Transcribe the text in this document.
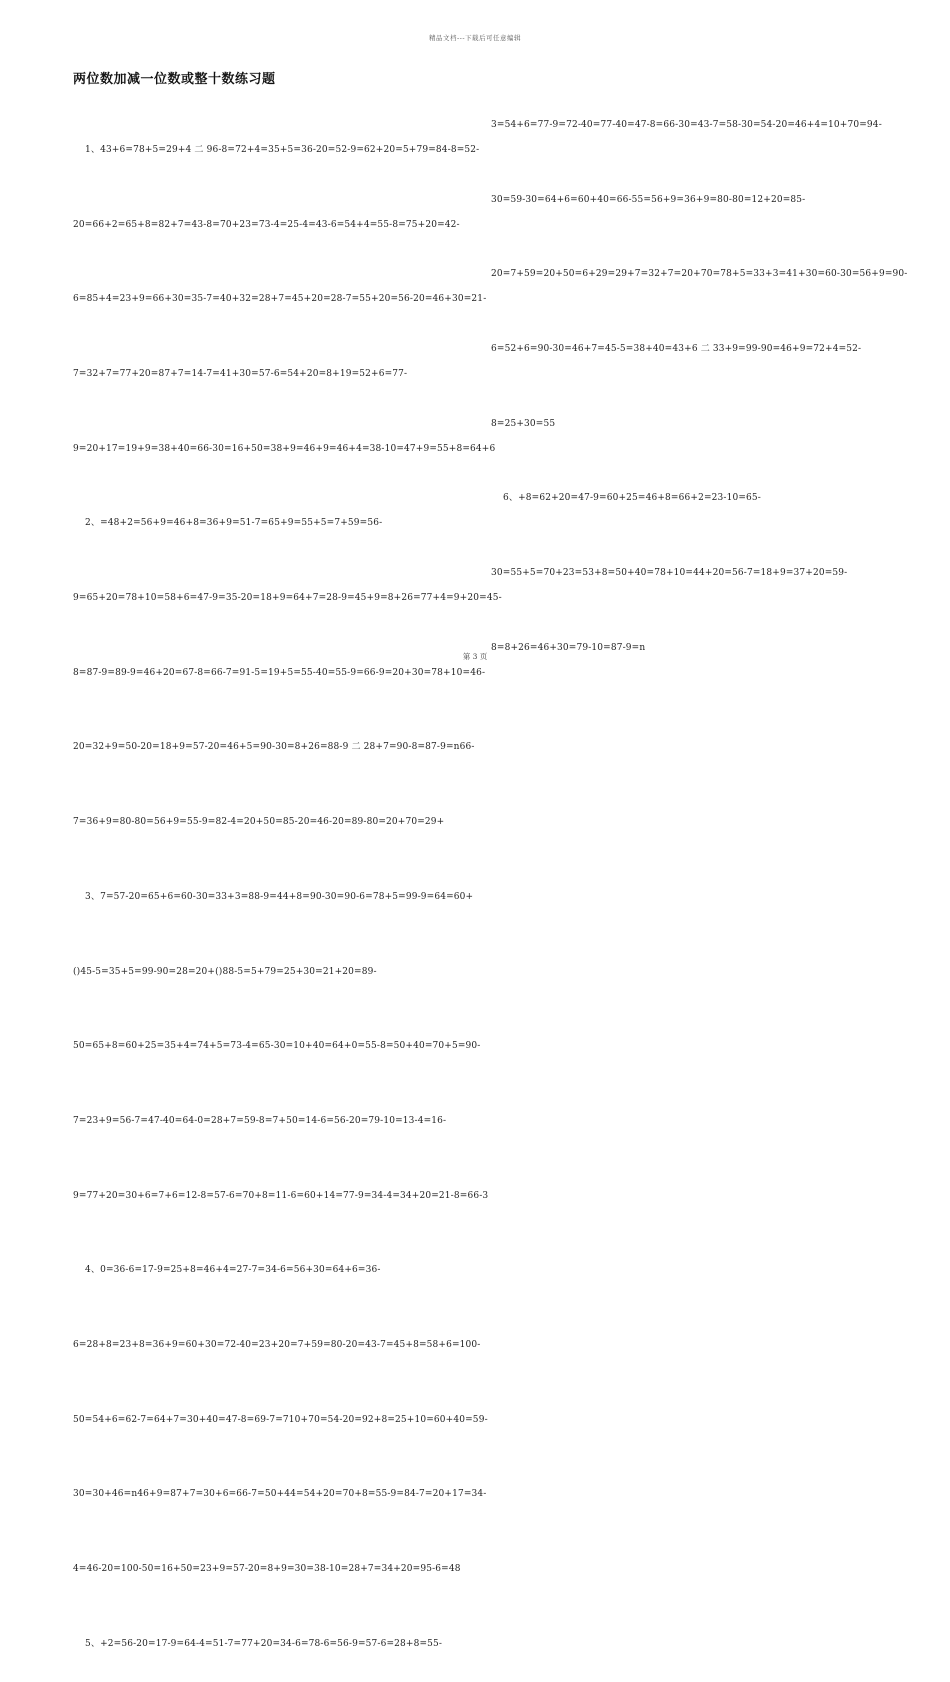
精品文档---下载后可任意编辑
两位数加减一位数或整十数练习题

1、43+6=78+5=29+4 二 96-8=72+4=35+5=36-20=52-9=62+20=5+79=84-8=52-

20=66+2=65+8=82+7=43-8=70+23=73-4=25-4=43-6=54+4=55-8=75+20=42-

6=85+4=23+9=66+30=35-7=40+32=28+7=45+20=28-7=55+20=56-20=46+30=21-

7=32+7=77+20=87+7=14-7=41+30=57-6=54+20=8+19=52+6=77-

9=20+17=19+9=38+40=66-30=16+50=38+9=46+9=46+4=38-10=47+9=55+8=64+6

2、=48+2=56+9=46+8=36+9=51-7=65+9=55+5=7+59=56-

9=65+20=78+10=58+6=47-9=35-20=18+9=64+7=28-9=45+9=8+26=77+4=9+20=45-

8=87-9=89-9=46+20=67-8=66-7=91-5=19+5=55-40=55-9=66-9=20+30=78+10=46-

20=32+9=50-20=18+9=57-20=46+5=90-30=8+26=88-9 二 28+7=90-8=87-9=n66-

7=36+9=80-80=56+9=55-9=82-4=20+50=85-20=46-20=89-80=20+70=29+

3、7=57-20=65+6=60-30=33+3=88-9=44+8=90-30=90-6=78+5=99-9=64=60+

()45-5=35+5=99-90=28=20+()88-5=5+79=25+30=21+20=89-

50=65+8=60+25=35+4=74+5=73-4=65-30=10+40=64+0=55-8=50+40=70+5=90-

7=23+9=56-7=47-40=64-0=28+7=59-8=7+50=14-6=56-20=79-10=13-4=16-

9=77+20=30+6=7+6=12-8=57-6=70+8=11-6=60+14=77-9=34-4=34+20=21-8=66-3

4、0=36-6=17-9=25+8=46+4=27-7=34-6=56+30=64+6=36-

6=28+8=23+8=36+9=60+30=72-40=23+20=7+59=80-20=43-7=45+8=58+6=100-

50=54+6=62-7=64+7=30+40=47-8=69-7=710+70=54-20=92+8=25+10=60+40=59-

30=30+46=n46+9=87+7=30+6=66-7=50+44=54+20=70+8=55-9=84-7=20+17=34-

4=46-20=100-50=16+50=23+9=57-20=8+9=30=38-10=28+7=34+20=95-6=48

5、+2=56-20=17-9=64-4=51-7=77+20=34-6=78-6=56-9=57-6=28+8=55-

3=54+6=77-9=72-40=77-40=47-8=66-30=43-7=58-30=54-20=46+4=10+70=94-

30=59-30=64+6=60+40=66-55=56+9=36+9=80-80=12+20=85-

20=7+59=20+50=6+29=29+7=32+7=20+70=78+5=33+3=41+30=60-30=56+9=90-

6=52+6=90-30=46+7=45-5=38+40=43+6 二 33+9=99-90=46+9=72+4=52-

8=25+30=55

6、+8=62+20=47-9=60+25=46+8=66+2=23-10=65-

30=55+5=70+23=53+8=50+40=78+10=44+20=56-7=18+9=37+20=59-

8=8+26=46+30=79-10=87-9=n

第 3 页
